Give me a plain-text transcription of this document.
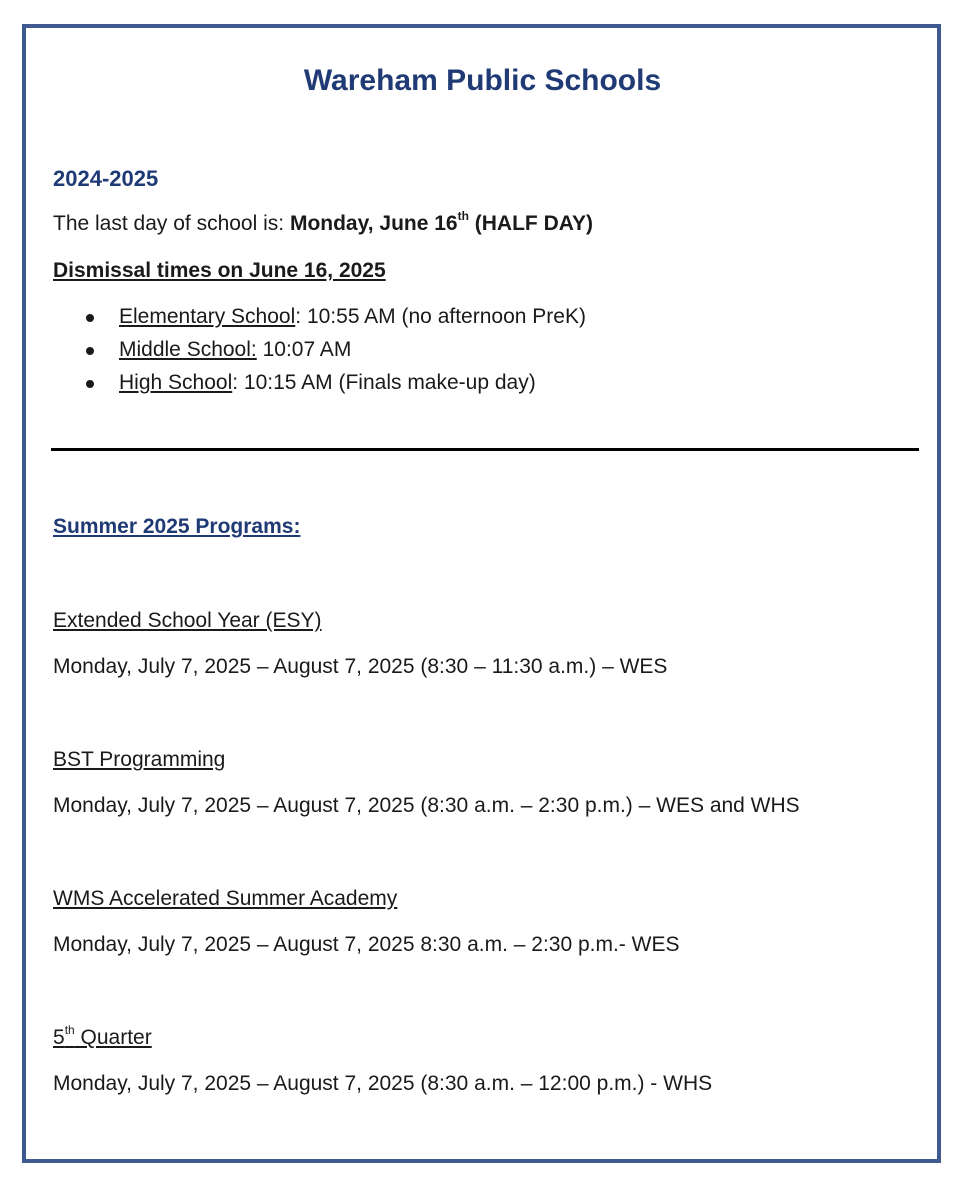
Wareham Public Schools
2024-2025
The last day of school is: Monday, June 16th (HALF DAY)
Dismissal times on June 16, 2025
Elementary School: 10:55 AM (no afternoon PreK)
Middle School: 10:07 AM
High School: 10:15 AM (Finals make-up day)
Summer 2025 Programs:
Extended School Year (ESY)
Monday, July 7, 2025 – August 7, 2025 (8:30 – 11:30 a.m.) – WES
BST Programming
Monday, July 7, 2025 – August 7, 2025 (8:30 a.m. – 2:30 p.m.) – WES and WHS
WMS Accelerated Summer Academy
Monday, July 7, 2025 – August 7, 2025 8:30 a.m. – 2:30 p.m.- WES
5th Quarter
Monday, July 7, 2025 – August 7, 2025 (8:30 a.m. – 12:00 p.m.) - WHS
